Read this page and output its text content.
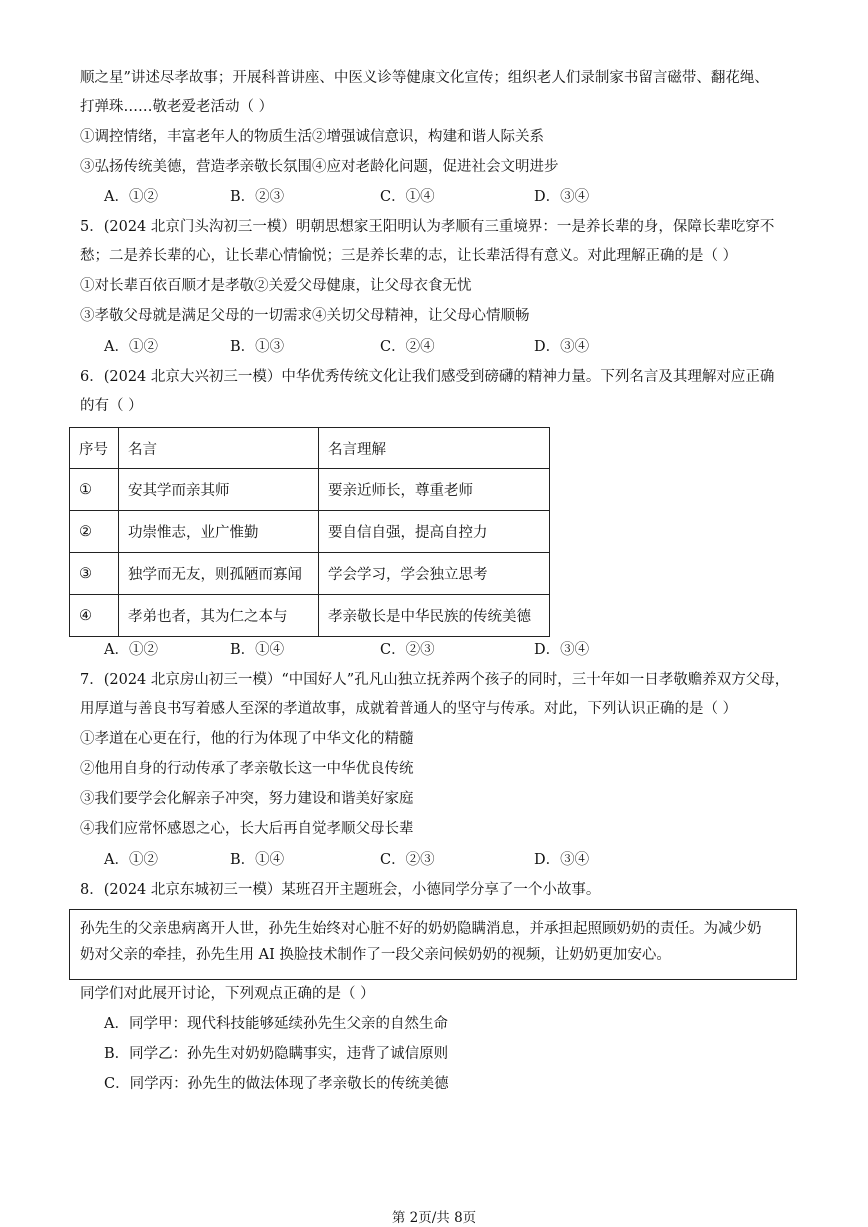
顺之星”讲述尽孝故事；开展科普讲座、中医义诊等健康文化宣传；组织老人们录制家书留言磁带、翻花绳、
打弹珠……敬老爱老活动（ ）
①调控情绪，丰富老年人的物质生活②增强诚信意识，构建和谐人际关系
③弘扬传统美德，营造孝亲敬长氛围④应对老龄化问题，促进社会文明进步
A．①②	B．②③	C．①④	D．③④
5．(2024 北京门头沟初三一模）明朝思想家王阳明认为孝顺有三重境界：一是养长辈的身，保障长辈吃穿不
愁；二是养长辈的心，让长辈心情愉悦；三是养长辈的志，让长辈活得有意义。对此理解正确的是（ ）
①对长辈百依百顺才是孝敬②关爱父母健康，让父母衣食无忧
③孝敬父母就是满足父母的一切需求④关切父母精神，让父母心情顺畅
A．①②	B．①③	C．②④	D．③④
6．(2024 北京大兴初三一模）中华优秀传统文化让我们感受到磅礴的精神力量。下列名言及其理解对应正确
的有（ ）
序号	名言	名言理解
①	安其学而亲其师	要亲近师长，尊重老师
②	功崇惟志，业广惟勤	要自信自强，提高自控力
③	独学而无友，则孤陋而寡闻	学会学习，学会独立思考
④	孝弟也者，其为仁之本与	孝亲敬长是中华民族的传统美德
A．①②	B．①④	C．②③	D．③④
7．(2024 北京房山初三一模）“中国好人”孔凡山独立抚养两个孩子的同时，三十年如一日孝敬赡养双方父母，
用厚道与善良书写着感人至深的孝道故事，成就着普通人的坚守与传承。对此，下列认识正确的是（ ）
①孝道在心更在行，他的行为体现了中华文化的精髓
②他用自身的行动传承了孝亲敬长这一中华优良传统
③我们要学会化解亲子冲突，努力建设和谐美好家庭
④我们应常怀感恩之心，长大后再自觉孝顺父母长辈
A．①②	B．①④	C．②③	D．③④
8．(2024 北京东城初三一模）某班召开主题班会，小德同学分享了一个小故事。
孙先生的父亲患病离开人世，孙先生始终对心脏不好的奶奶隐瞒消息，并承担起照顾奶奶的责任。为减少奶
奶对父亲的牵挂，孙先生用 AI 换脸技术制作了一段父亲问候奶奶的视频，让奶奶更加安心。
同学们对此展开讨论，下列观点正确的是（ ）
A．同学甲：现代科技能够延续孙先生父亲的自然生命
B．同学乙：孙先生对奶奶隐瞒事实，违背了诚信原则
C．同学丙：孙先生的做法体现了孝亲敬长的传统美德
第 2页/共 8页
